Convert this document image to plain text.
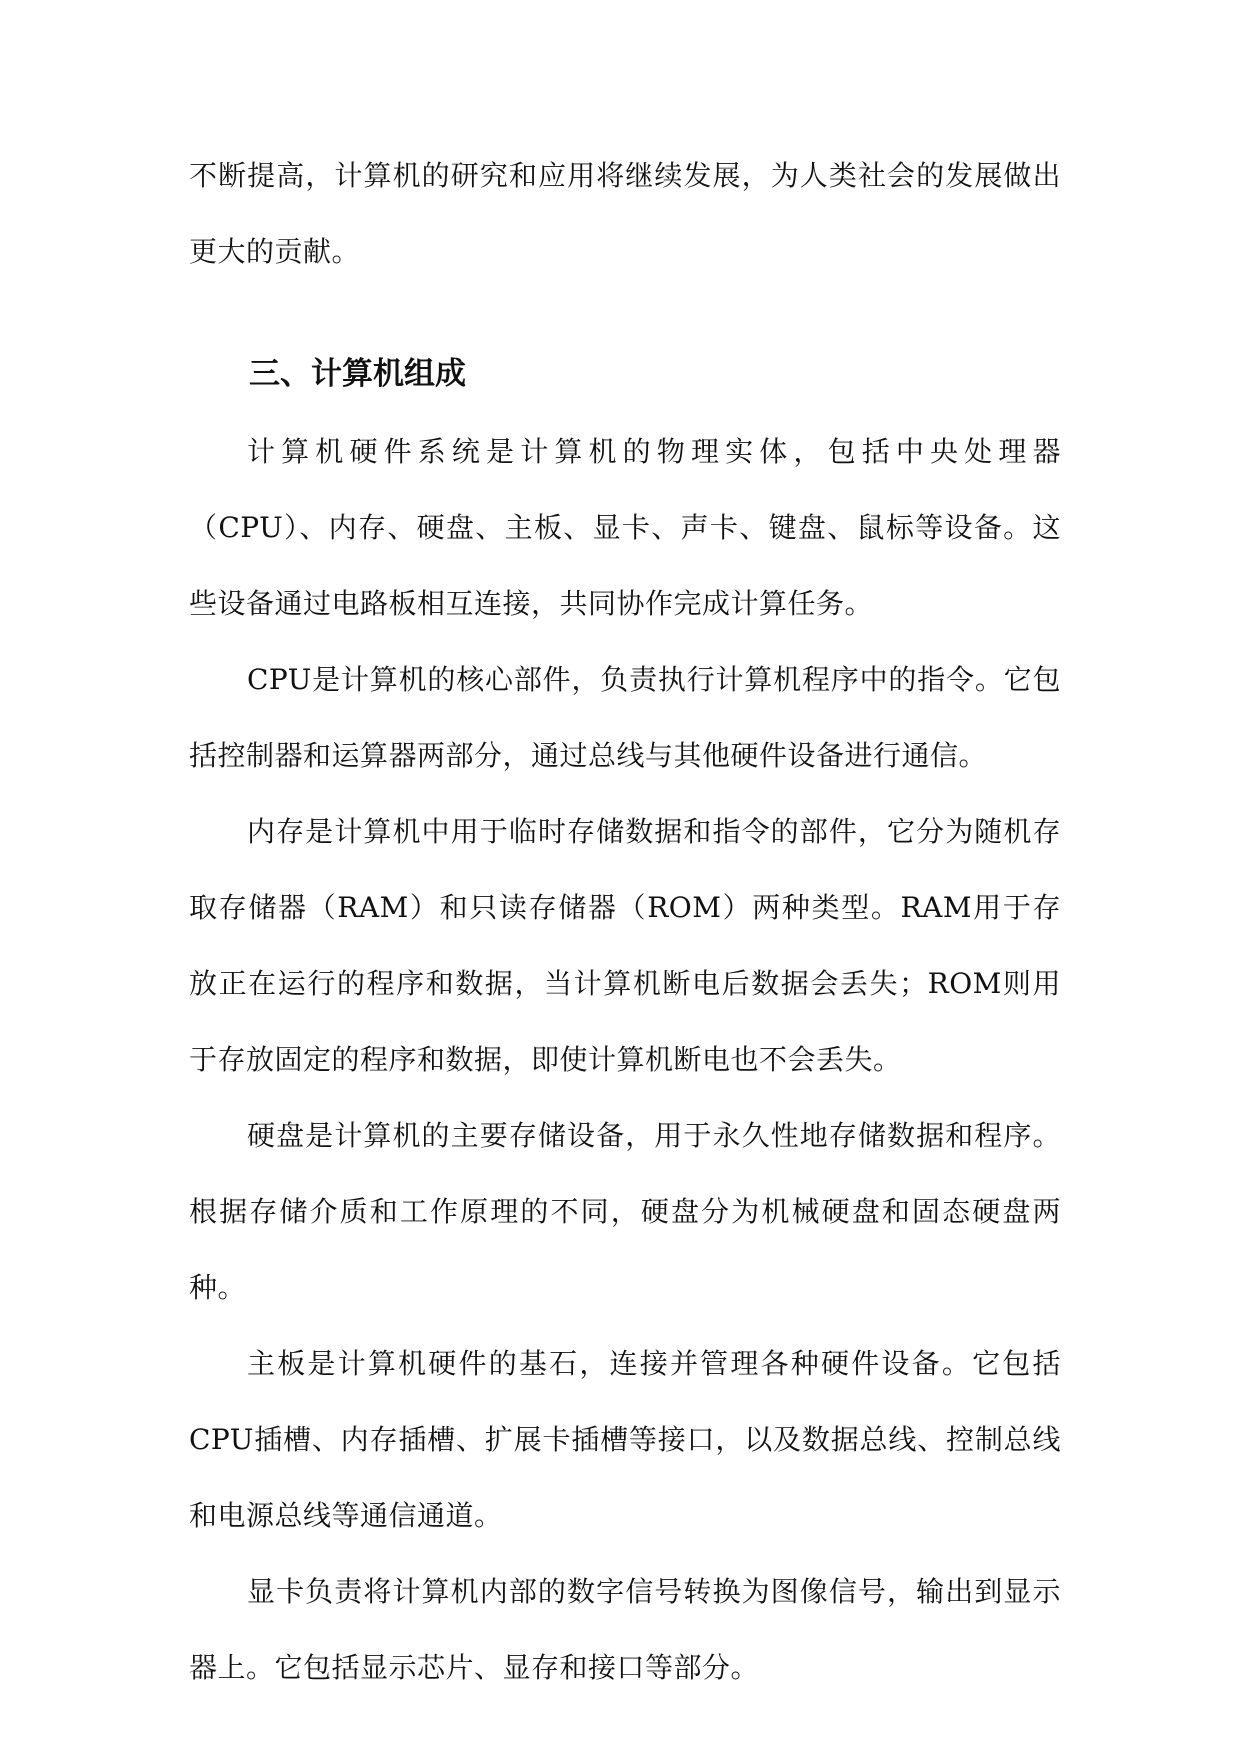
不断提高，计算机的研究和应用将继续发展，为人类社会的发展做出更大的贡献。

三、计算机组成

计算机硬件系统是计算机的物理实体，包括中央处理器（CPU）、内存、硬盘、主板、显卡、声卡、键盘、鼠标等设备。这些设备通过电路板相互连接，共同协作完成计算任务。

CPU是计算机的核心部件，负责执行计算机程序中的指令。它包括控制器和运算器两部分，通过总线与其他硬件设备进行通信。

内存是计算机中用于临时存储数据和指令的部件，它分为随机存取存储器（RAM）和只读存储器（ROM）两种类型。RAM用于存放正在运行的程序和数据，当计算机断电后数据会丢失；ROM则用于存放固定的程序和数据，即使计算机断电也不会丢失。

硬盘是计算机的主要存储设备，用于永久性地存储数据和程序。根据存储介质和工作原理的不同，硬盘分为机械硬盘和固态硬盘两种。

主板是计算机硬件的基石，连接并管理各种硬件设备。它包括CPU插槽、内存插槽、扩展卡插槽等接口，以及数据总线、控制总线和电源总线等通信通道。

显卡负责将计算机内部的数字信号转换为图像信号，输出到显示器上。它包括显示芯片、显存和接口等部分。
